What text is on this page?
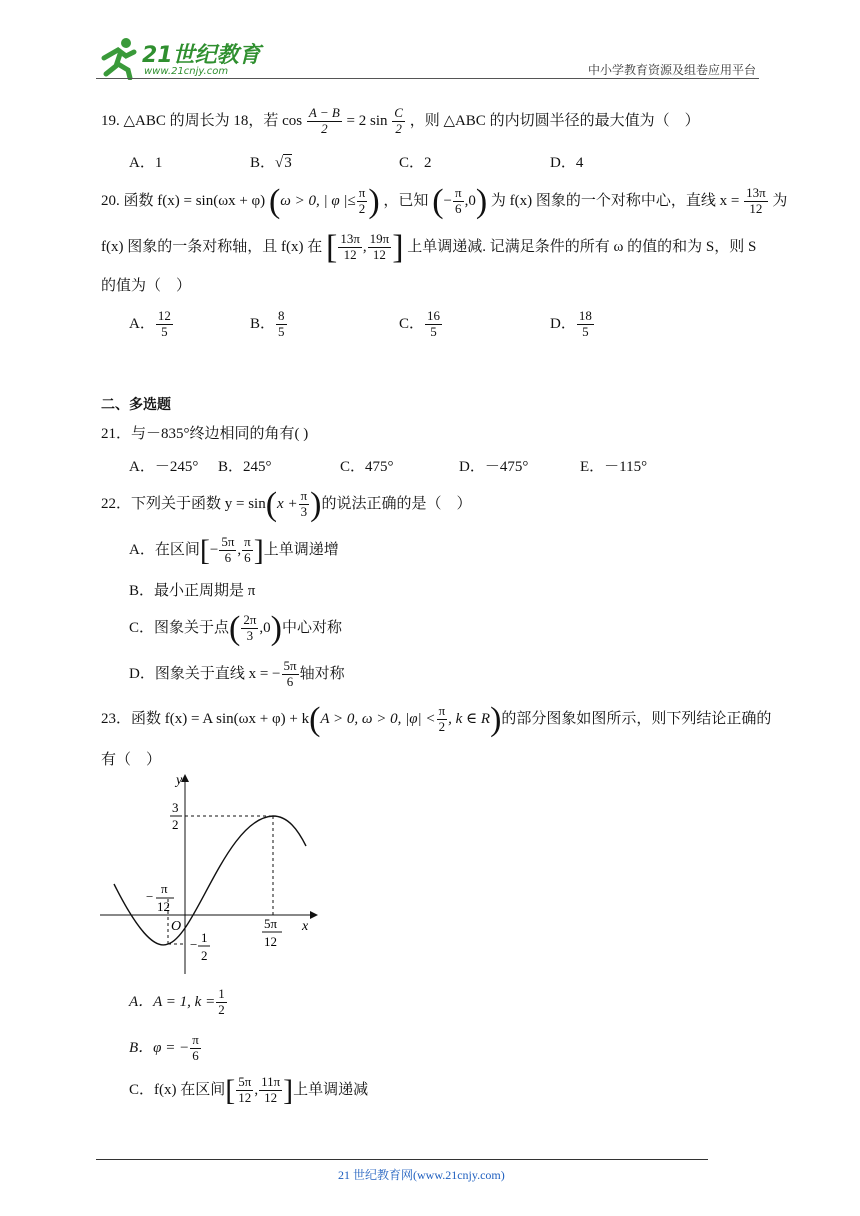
21世纪教育
www.21cnjy.com	中小学教育资源及组卷应用平台
19. △ABC 的周长为 18，若 $\cos \frac{A - B}{2} = 2$ $\sin \frac{C}{2}$ ，则 △ABC 的内切圆半径的最大值为（　）
A．1	B．√3	C．2	D．4
20. 函数 f(x) = sin(ωx + φ) (ω > 0, | φ |≤ $\frac{\pi}{2}$ ) ，已知 (− $\frac{\pi}{6} ,0$) 为 f(x) 图象的一个对称中心，直线 $x = \frac{13\pi}{12}$ 为
f(x) 图象的一条对称轴，且 f(x) 在 [ $\frac{13\pi}{12}$ , $\frac{19\pi}{12}$ ] 上单调递减. 记满足条件的所有 ω 的值的和为 S，则 S
的值为（　）
A． $\frac{12}{5}$	B． $\frac{8}{5}$	C． $\frac{16}{5}$	D． $\frac{18}{5}$
二、多选题
21．与－835°终边相同的角有( )
A．－245° B．245°	C．475°	D．－475°	E．－115°
22．下列关于函数 $y = \sin(x + \frac{\pi}{3}$ )的说法正确的是（　）
A．在区间[− $\frac{5\pi}{6}$ , $\frac{\pi}{6}$ ]上单调递增
B．最小正周期是 π
C．图象关于点( $\frac{2\pi}{3} ,0$)中心对称
D．图象关于直线 x = − $\frac{5\pi}{6}$ 轴对称
23．函数 f(x) = A sin(ωx + φ) + k(A > 0, ω > 0, $|\varphi| < \frac{\pi}{2}$ , k ∈ R)的部分图象如图所示，则下列结论正确的
有（　）
y
x
O
3
2
−
π
12
− 1
2
5π
12
A．A = 1, $k = \frac{1}{2}$
B．φ = − $\frac{\pi}{6}$
C．f(x) 在区间[ $\frac{5\pi}{12}$ , $\frac{11\pi}{12}$ ]上单调递减
21 世纪教育网(www.21cnjy.com)
